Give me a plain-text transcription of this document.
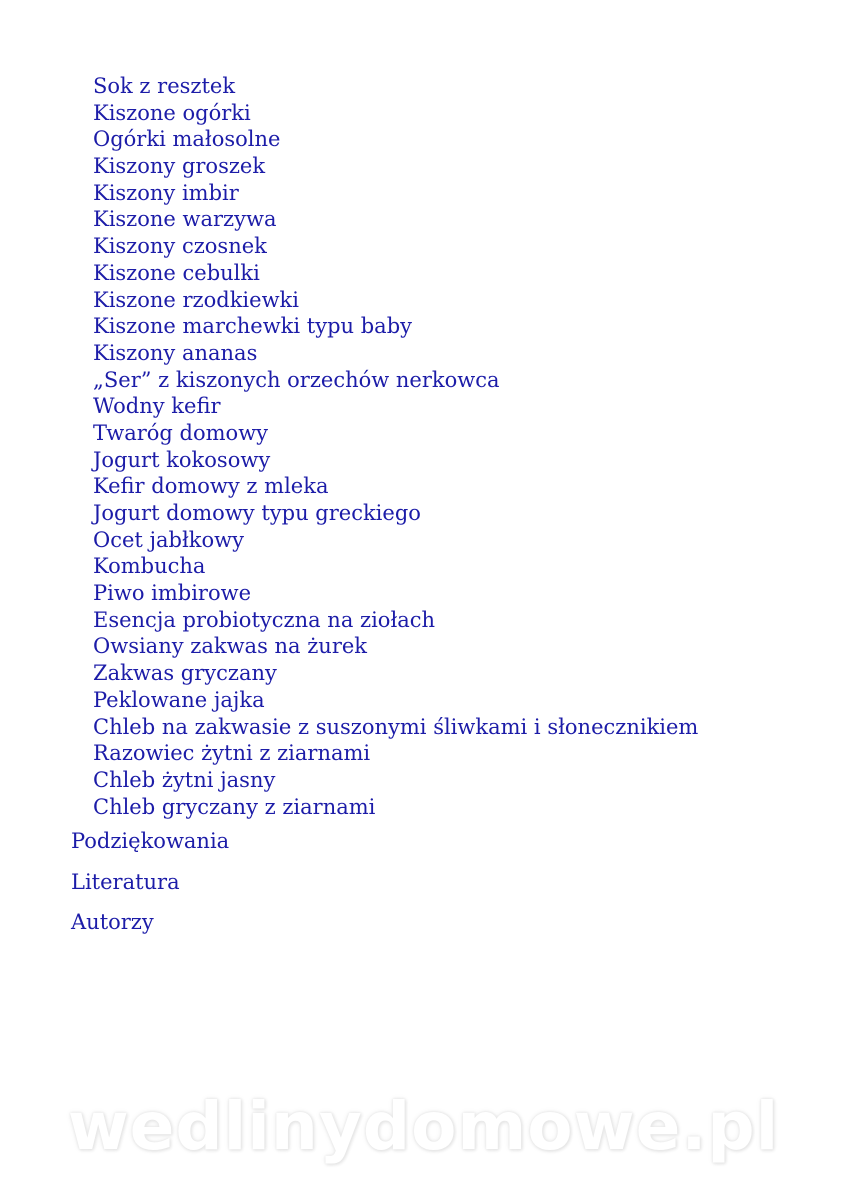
Sok z resztek
Kiszone ogórki
Ogórki małosolne
Kiszony groszek
Kiszony imbir
Kiszone warzywa
Kiszony czosnek
Kiszone cebulki
Kiszone rzodkiewki
Kiszone marchewki typu baby
Kiszony ananas
„Ser” z kiszonych orzechów nerkowca
Wodny kefir
Twaróg domowy
Jogurt kokosowy
Kefir domowy z mleka
Jogurt domowy typu greckiego
Ocet jabłkowy
Kombucha
Piwo imbirowe
Esencja probiotyczna na ziołach
Owsiany zakwas na żurek
Zakwas gryczany
Peklowane jajka
Chleb na zakwasie z suszonymi śliwkami i słonecznikiem
Razowiec żytni z ziarnami
Chleb żytni jasny
Chleb gryczany z ziarnami
Podziękowania
Literatura
Autorzy
wedlinydomowe.pl
